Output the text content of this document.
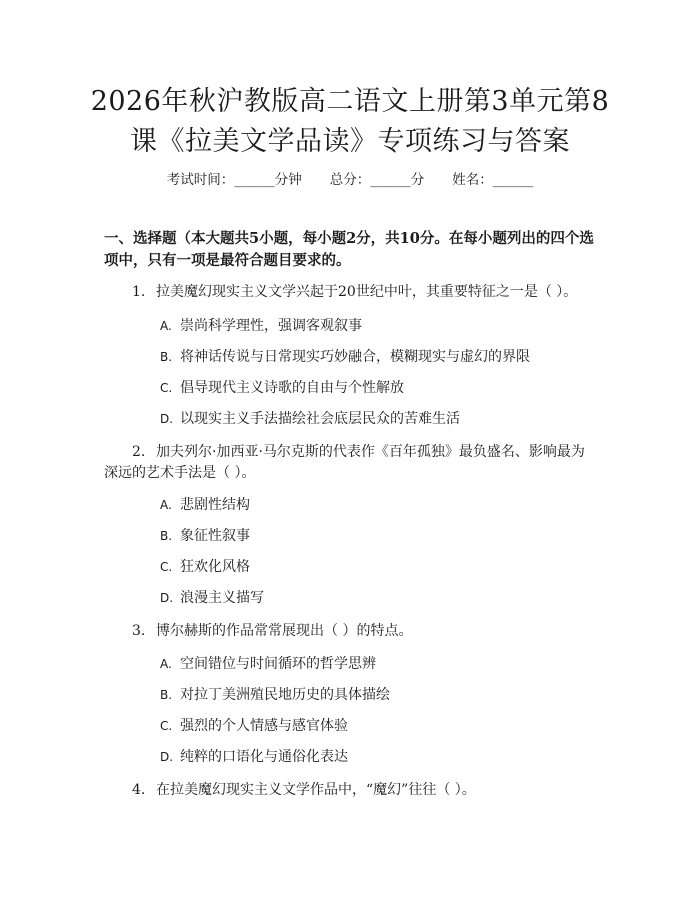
2026年秋沪教版高二语文上册第3单元第8
课《拉美文学品读》专项练习与答案
考试时间：______分钟 总分：______分 姓名：______
一、选择题（本大题共5小题，每小题2分，共10分。在每小题列出的四个选项中，只有一项是最符合题目要求的。
1. 拉美魔幻现实主义文学兴起于20世纪中叶，其重要特征之一是（ ）。
A. 崇尚科学理性，强调客观叙事
B. 将神话传说与日常现实巧妙融合，模糊现实与虚幻的界限
C. 倡导现代主义诗歌的自由与个性解放
D. 以现实主义手法描绘社会底层民众的苦难生活
2. 加夫列尔·加西亚·马尔克斯的代表作《百年孤独》最负盛名、影响最为
深远的艺术手法是（ ）。
A. 悲剧性结构
B. 象征性叙事
C. 狂欢化风格
D. 浪漫主义描写
3. 博尔赫斯的作品常常展现出（ ）的特点。
A. 空间错位与时间循环的哲学思辨
B. 对拉丁美洲殖民地历史的具体描绘
C. 强烈的个人情感与感官体验
D. 纯粹的口语化与通俗化表达
4. 在拉美魔幻现实主义文学作品中，“魔幻”往往（ ）。
